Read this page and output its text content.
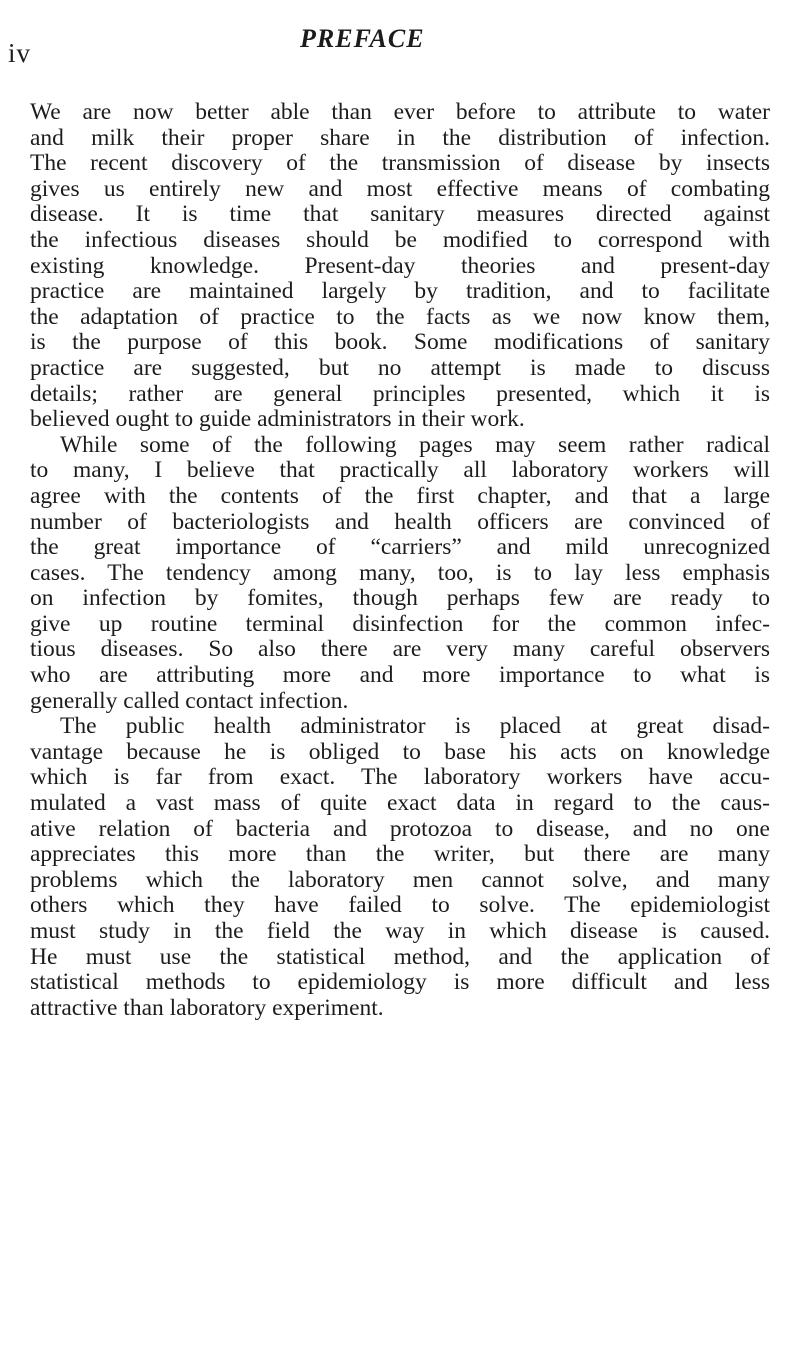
iv	PREFACE
We are now better able than ever before to attribute to water
and milk their proper share in the distribution of infection.
The recent discovery of the transmission of disease by insects
gives us entirely new and most effective means of combating
disease. It is time that sanitary measures directed against
the infectious diseases should be modified to correspond with
existing knowledge. Present-day theories and present-day
practice are maintained largely by tradition, and to facilitate
the adaptation of practice to the facts as we now know them,
is the purpose of this book. Some modifications of sanitary
practice are suggested, but no attempt is made to discuss
details; rather are general principles presented, which it is
believed ought to guide administrators in their work.
While some of the following pages may seem rather radical
to many, I believe that practically all laboratory workers will
agree with the contents of the first chapter, and that a large
number of bacteriologists and health officers are convinced of
the great importance of “carriers” and mild unrecognized
cases. The tendency among many, too, is to lay less emphasis
on infection by fomites, though perhaps few are ready to
give up routine terminal disinfection for the common infec-
tious diseases. So also there are very many careful observers
who are attributing more and more importance to what is
generally called contact infection.
The public health administrator is placed at great disad-
vantage because he is obliged to base his acts on knowledge
which is far from exact. The laboratory workers have accu-
mulated a vast mass of quite exact data in regard to the caus-
ative relation of bacteria and protozoa to disease, and no one
appreciates this more than the writer, but there are many
problems which the laboratory men cannot solve, and many
others which they have failed to solve. The epidemiologist
must study in the field the way in which disease is caused.
He must use the statistical method, and the application of
statistical methods to epidemiology is more difficult and less
attractive than laboratory experiment.
